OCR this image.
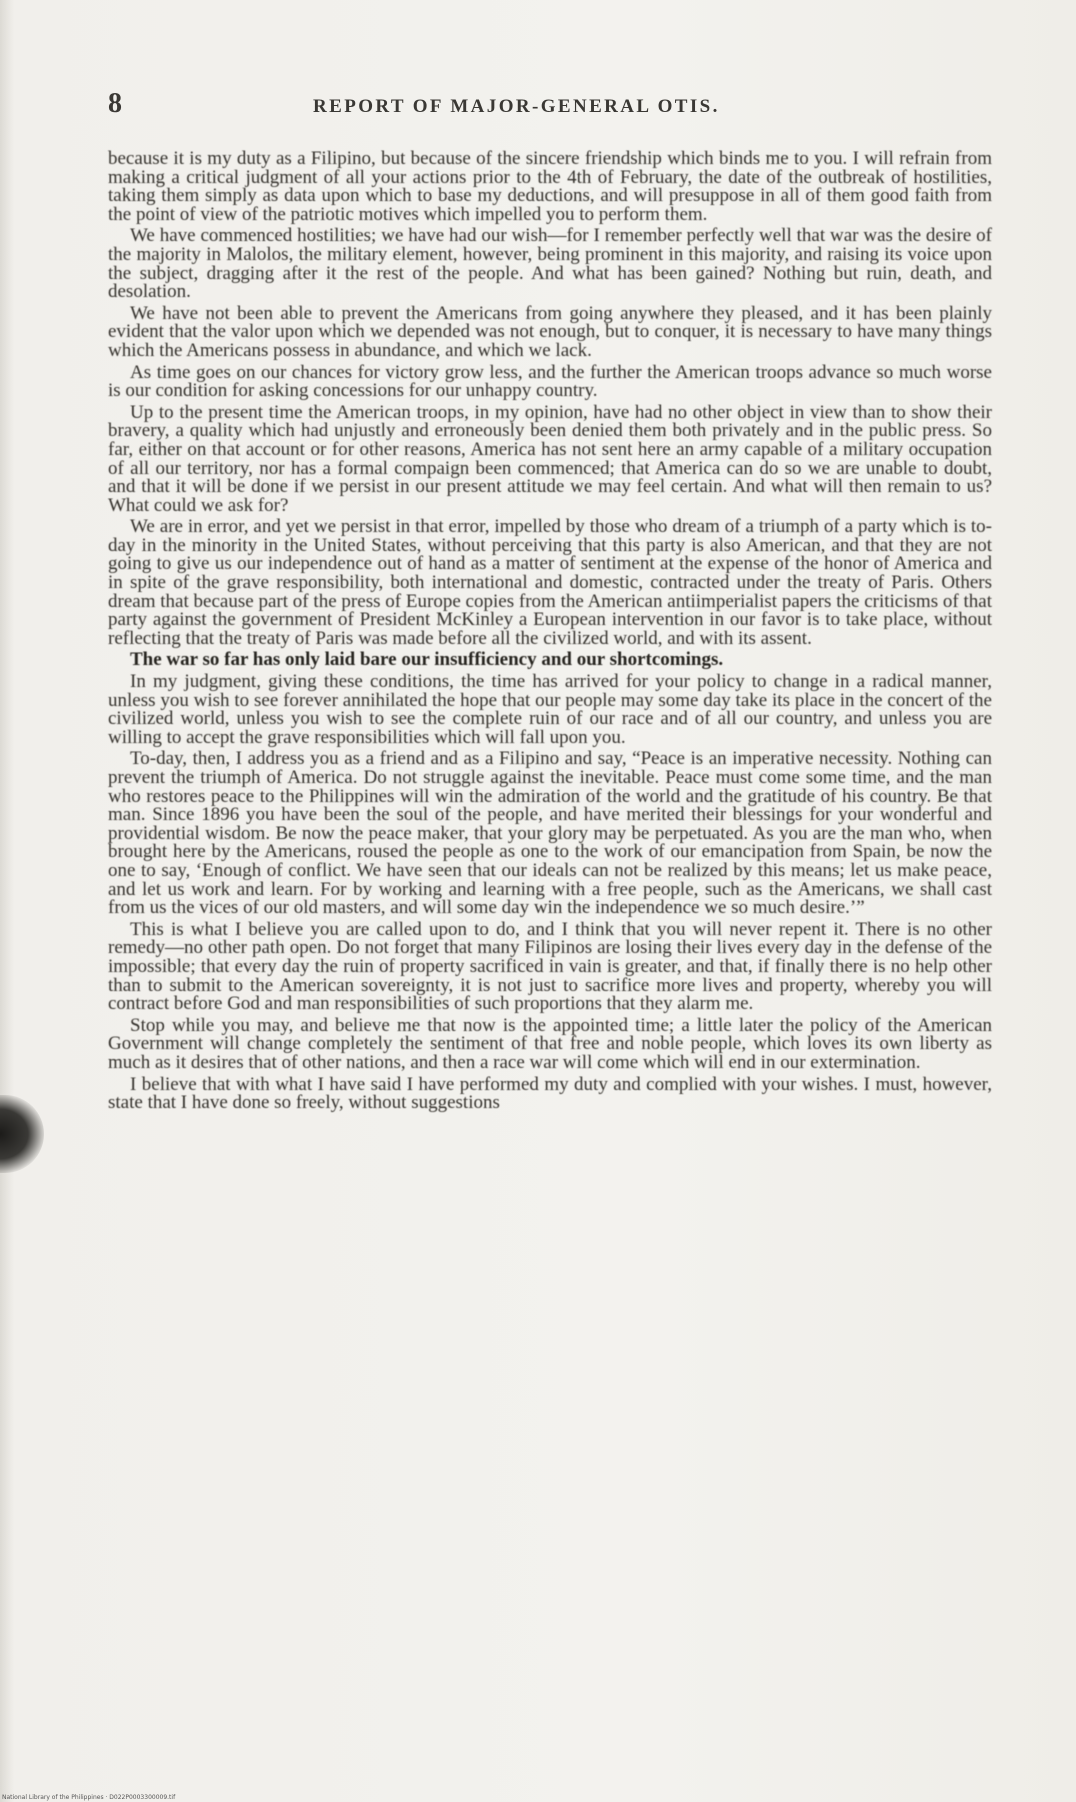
8	REPORT OF MAJOR-GENERAL OTIS.

because it is my duty as a Filipino, but because of the sincere friendship which binds me to you. I will refrain from making a critical judgment of all your actions prior to the 4th of February, the date of the outbreak of hostilities, taking them simply as data upon which to base my deductions, and will presuppose in all of them good faith from the point of view of the patriotic motives which impelled you to perform them.

We have commenced hostilities; we have had our wish—for I remember perfectly well that war was the desire of the majority in Malolos, the military element, however, being prominent in this majority, and raising its voice upon the subject, dragging after it the rest of the people. And what has been gained? Nothing but ruin, death, and desolation.

We have not been able to prevent the Americans from going anywhere they pleased, and it has been plainly evident that the valor upon which we depended was not enough, but to conquer, it is necessary to have many things which the Americans possess in abundance, and which we lack.

As time goes on our chances for victory grow less, and the further the American troops advance so much worse is our condition for asking concessions for our unhappy country.

Up to the present time the American troops, in my opinion, have had no other object in view than to show their bravery, a quality which had unjustly and erroneously been denied them both privately and in the public press. So far, either on that account or for other reasons, America has not sent here an army capable of a military occupation of all our territory, nor has a formal compaign been commenced; that America can do so we are unable to doubt, and that it will be done if we persist in our present attitude we may feel certain. And what will then remain to us? What could we ask for?

We are in error, and yet we persist in that error, impelled by those who dream of a triumph of a party which is to-day in the minority in the United States, without perceiving that this party is also American, and that they are not going to give us our independence out of hand as a matter of sentiment at the expense of the honor of America and in spite of the grave responsibility, both international and domestic, contracted under the treaty of Paris. Others dream that because part of the press of Europe copies from the American antiimperialist papers the criticisms of that party against the government of President McKinley a European intervention in our favor is to take place, without reflecting that the treaty of Paris was made before all the civilized world, and with its assent.

The war so far has only laid bare our insufficiency and our shortcomings.

In my judgment, giving these conditions, the time has arrived for your policy to change in a radical manner, unless you wish to see forever annihilated the hope that our people may some day take its place in the concert of the civilized world, unless you wish to see the complete ruin of our race and of all our country, and unless you are willing to accept the grave responsibilities which will fall upon you.

To-day, then, I address you as a friend and as a Filipino and say, “Peace is an imperative necessity. Nothing can prevent the triumph of America. Do not struggle against the inevitable. Peace must come some time, and the man who restores peace to the Philippines will win the admiration of the world and the gratitude of his country. Be that man. Since 1896 you have been the soul of the people, and have merited their blessings for your wonderful and providential wisdom. Be now the peace maker, that your glory may be perpetuated. As you are the man who, when brought here by the Americans, roused the people as one to the work of our emancipation from Spain, be now the one to say, ‘Enough of conflict. We have seen that our ideals can not be realized by this means; let us make peace, and let us work and learn. For by working and learning with a free people, such as the Americans, we shall cast from us the vices of our old masters, and will some day win the independence we so much desire.’”

This is what I believe you are called upon to do, and I think that you will never repent it. There is no other remedy—no other path open. Do not forget that many Filipinos are losing their lives every day in the defense of the impossible; that every day the ruin of property sacrificed in vain is greater, and that, if finally there is no help other than to submit to the American sovereignty, it is not just to sacrifice more lives and property, whereby you will contract before God and man responsibilities of such proportions that they alarm me.

Stop while you may, and believe me that now is the appointed time; a little later the policy of the American Government will change completely the sentiment of that free and noble people, which loves its own liberty as much as it desires that of other nations, and then a race war will come which will end in our extermination.

I believe that with what I have said I have performed my duty and complied with your wishes. I must, however, state that I have done so freely, without suggestions

National Library of the Philippines · D022P0003300009.tif
